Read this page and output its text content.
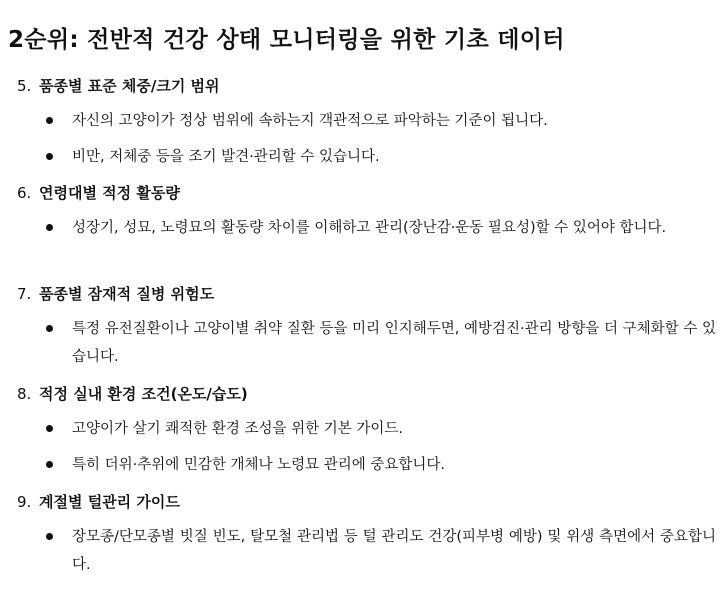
2순위: 전반적 건강 상태 모니터링을 위한 기초 데이터
5. 품종별 표준 체중/크기 범위
자신의 고양이가 정상 범위에 속하는지 객관적으로 파악하는 기준이 됩니다.
비만, 저체중 등을 조기 발견·관리할 수 있습니다.
6. 연령대별 적정 활동량
성장기, 성묘, 노령묘의 활동량 차이를 이해하고 관리(장난감·운동 필요성)할 수 있어야 합니다.
7. 품종별 잠재적 질병 위험도
특정 유전질환이나 고양이별 취약 질환 등을 미리 인지해두면, 예방검진·관리 방향을 더 구체화할 수 있습니다.
8. 적정 실내 환경 조건(온도/습도)
고양이가 살기 쾌적한 환경 조성을 위한 기본 가이드.
특히 더위·추위에 민감한 개체나 노령묘 관리에 중요합니다.
9. 계절별 털관리 가이드
장모종/단모종별 빗질 빈도, 탈모철 관리법 등 털 관리도 건강(피부병 예방) 및 위생 측면에서 중요합니다.
